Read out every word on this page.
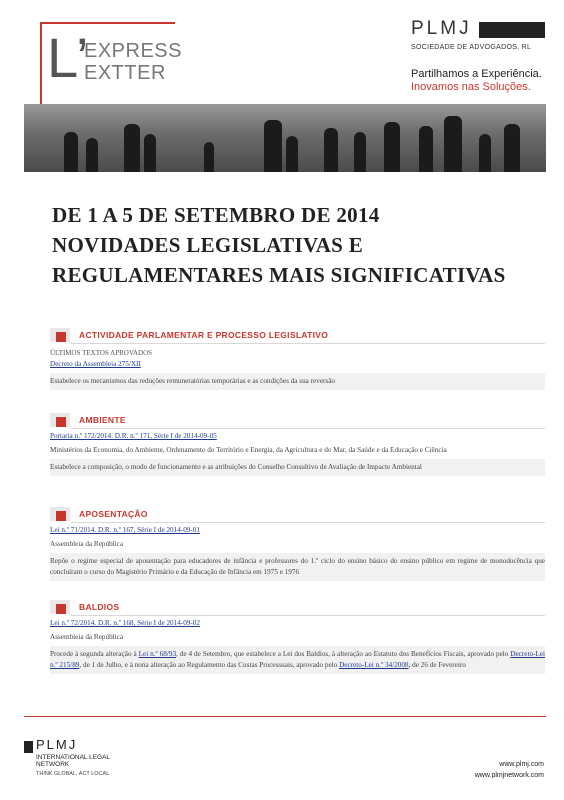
L’
EXPRESS
EXTTER
PLMJ
SOCIEDADE DE ADVOGADOS, RL
Partilhamos a Experiência.
Inovamos nas Soluções.
DE 1 A 5 DE SETEMBRO DE 2014
NOVIDADES LEGISLATIVAS E
REGULAMENTARES MAIS SIGNIFICATIVAS
ACTIVIDADE PARLAMENTAR E PROCESSO LEGISLATIVO
ÚLTIMOS TEXTOS APROVADOS
Decreto da Assembleia 275/XII
Estabelece os mecanismos das reduções remuneratórias temporárias e as condições da sua reversão
AMBIENTE
Portaria n.º 172/2014. D.R. n.º 171, Série I de 2014-09-05
Ministérios da Economia, do Ambiente, Ordenamento do Território e Energia, da Agricultura e do Mar, da Saúde e da Educação e Ciência
Estabelece a composição, o modo de funcionamento e as atribuições do Conselho Consultivo de Avaliação de Impacte Ambiental
APOSENTAÇÃO
Lei n.º 71/2014. D.R. n.º 167, Série I de 2014-09-01
Assembleia da República
Repõe o regime especial de aposentação para educadores de infância e professores do 1.º ciclo do ensino básico do ensino público em regime de monodocência que concluíram o curso do Magistério Primário e da Educação de Infância em 1975 e 1976
BALDIOS
Lei n.º 72/2014. D.R. n.º 168, Série I de 2014-09-02
Assembleia da República
Procede à segunda alteração à Lei n.º 68/93, de 4 de Setembro, que estabelece a Lei dos Baldios, à alteração ao Estatuto dos Benefícios Fiscais, aprovado pelo Decreto-Lei n.º 215/89, de 1 de Julho, e à nona alteração ao Regulamento das Custas Processuais, aprovado pelo Decreto-Lei n.º 34/2008, de 26 de Fevereiro
PLMJ
INTERNATIONAL LEGAL NETWORK
THINK GLOBAL, ACT LOCAL
www.plmj.com
www.plmjnetwork.com
